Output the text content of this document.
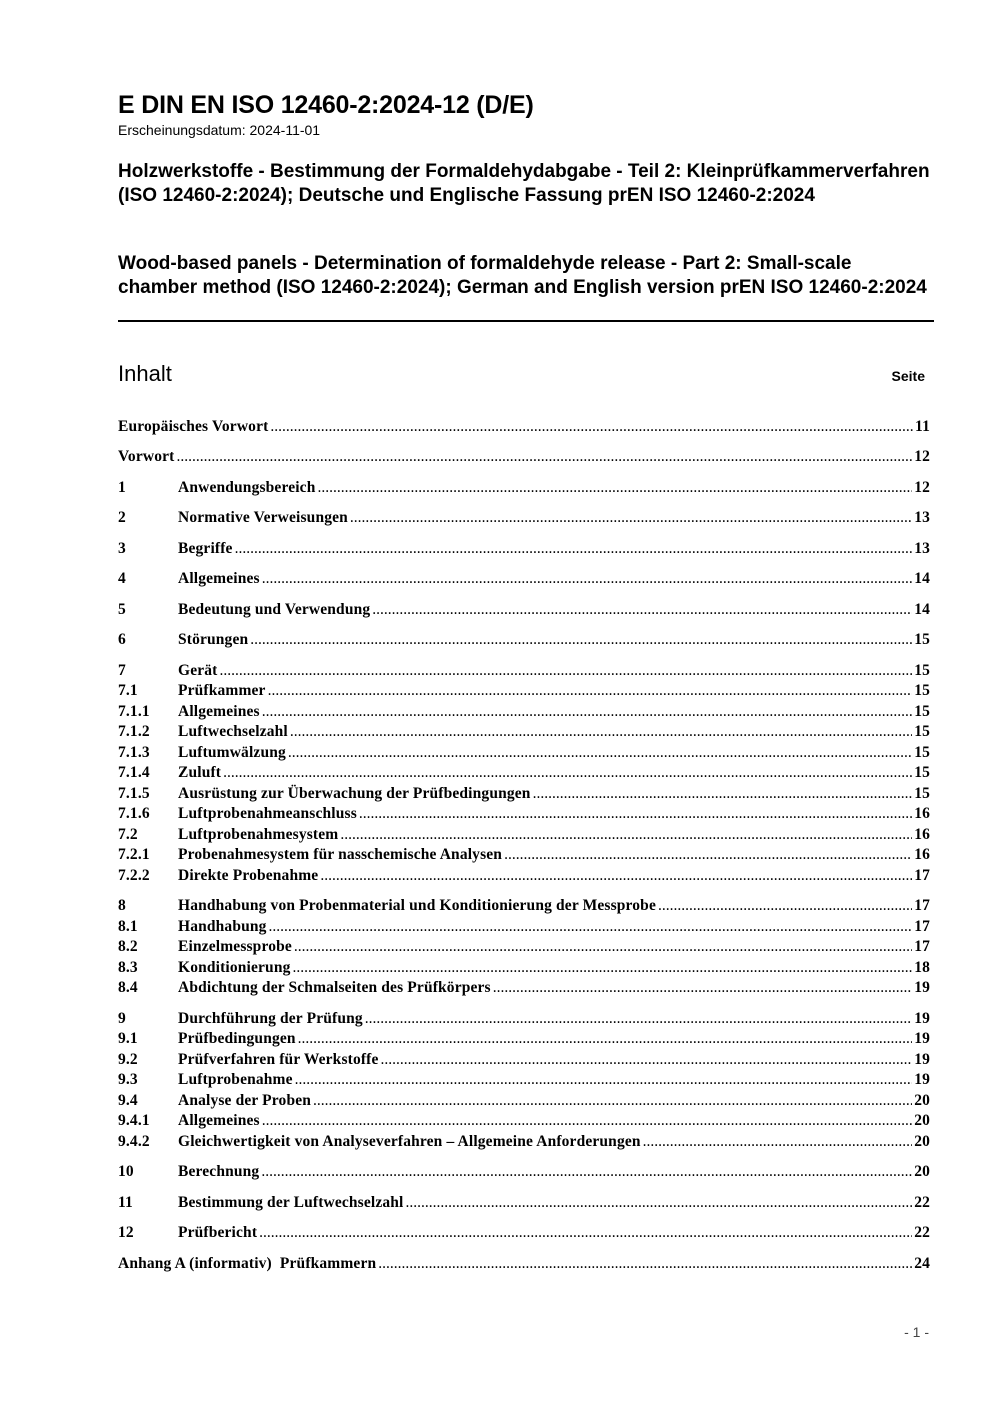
E DIN EN ISO 12460-2:2024-12 (D/E)
Erscheinungsdatum: 2024-11-01
Holzwerkstoffe - Bestimmung der Formaldehydabgabe - Teil 2: Kleinprüfkammerverfahren (ISO 12460-2:2024); Deutsche und Englische Fassung prEN ISO 12460-2:2024
Wood-based panels - Determination of formaldehyde release - Part 2: Small-scale chamber method (ISO 12460-2:2024); German and English version prEN ISO 12460-2:2024
Inhalt	Seite
Europäisches Vorwort .....	11
Vorwort .....	12
1	Anwendungsbereich .....	12
2	Normative Verweisungen .....	13
3	Begriffe .....	13
4	Allgemeines .....	14
5	Bedeutung und Verwendung .....	14
6	Störungen .....	15
7	Gerät .....	15
7.1	Prüfkammer .....	15
7.1.1	Allgemeines .....	15
7.1.2	Luftwechselzahl .....	15
7.1.3	Luftumwälzung .....	15
7.1.4	Zuluft .....	15
7.1.5	Ausrüstung zur Überwachung der Prüfbedingungen .....	15
7.1.6	Luftprobenahmeanschluss .....	16
7.2	Luftprobenahmesystem .....	16
7.2.1	Probenahmesystem für nasschemische Analysen .....	16
7.2.2	Direkte Probenahme .....	17
8	Handhabung von Probenmaterial und Konditionierung der Messprobe .....	17
8.1	Handhabung .....	17
8.2	Einzelmessprobe .....	17
8.3	Konditionierung .....	18
8.4	Abdichtung der Schmalseiten des Prüfkörpers .....	19
9	Durchführung der Prüfung .....	19
9.1	Prüfbedingungen .....	19
9.2	Prüfverfahren für Werkstoffe .....	19
9.3	Luftprobenahme .....	19
9.4	Analyse der Proben .....	20
9.4.1	Allgemeines .....	20
9.4.2	Gleichwertigkeit von Analyseverfahren – Allgemeine Anforderungen .....	20
10	Berechnung .....	20
11	Bestimmung der Luftwechselzahl .....	22
12	Prüfbericht .....	22
Anhang A (informativ)  Prüfkammern .....	24
- 1 -
